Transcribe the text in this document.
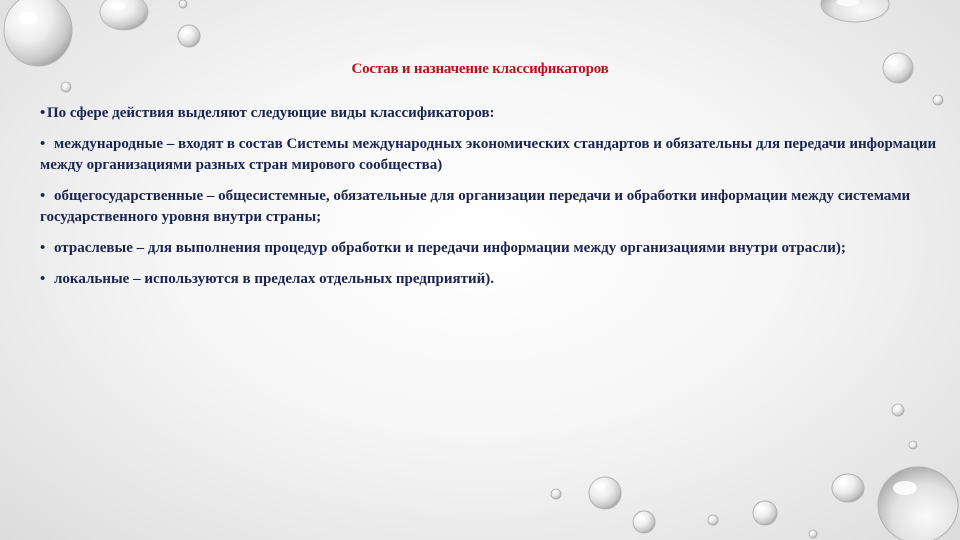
Состав и назначение классификаторов

• По сфере действия выделяют следующие виды классификаторов:

• международные – входят в состав Системы международных экономических стандартов и обязательны для передачи информации между организациями разных стран мирового сообщества)

• общегосударственные – общесистемные, обязательные для организации передачи и обработки информации между системами государственного уровня внутри страны;

• отраслевые – для выполнения процедур обработки и передачи информации между организациями внутри отрасли);

• локальные – используются в пределах отдельных предприятий).
